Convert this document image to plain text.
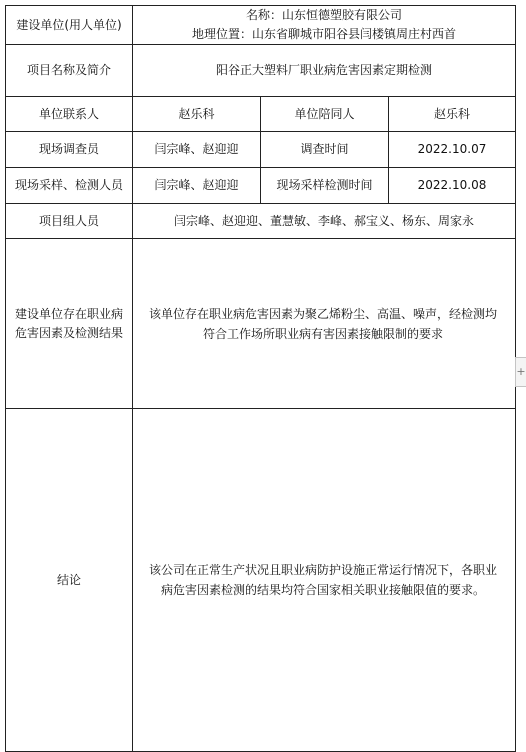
建设单位(用人单位)	名称：山东恒德塑胶有限公司
地理位置：山东省聊城市阳谷县闫楼镇周庄村西首		

项目名称及简介	阳谷正大塑料厂职业病危害因素定期检测		
单位联系人	赵乐科	单位陪同人	赵乐科
现场调查员	闫宗峰、赵迎迎	调查时间	2022.10.07
现场采样、检测人员	闫宗峰、赵迎迎	现场采样检测时间	2022.10.08
项目组人员	闫宗峰、赵迎迎、董慧敏、李峰、郝宝义、杨东、周家永		

建设单位存在职业病
危害因素及检测结果	该单位存在职业病危害因素为聚乙烯粉尘、高温、噪声，经检测均
符合工作场所职业病有害因素接触限制的要求		

结论	该公司在正常生产状况且职业病防护设施正常运行情况下，各职业
病危害因素检测的结果均符合国家相关职业接触限值的要求。		
+
